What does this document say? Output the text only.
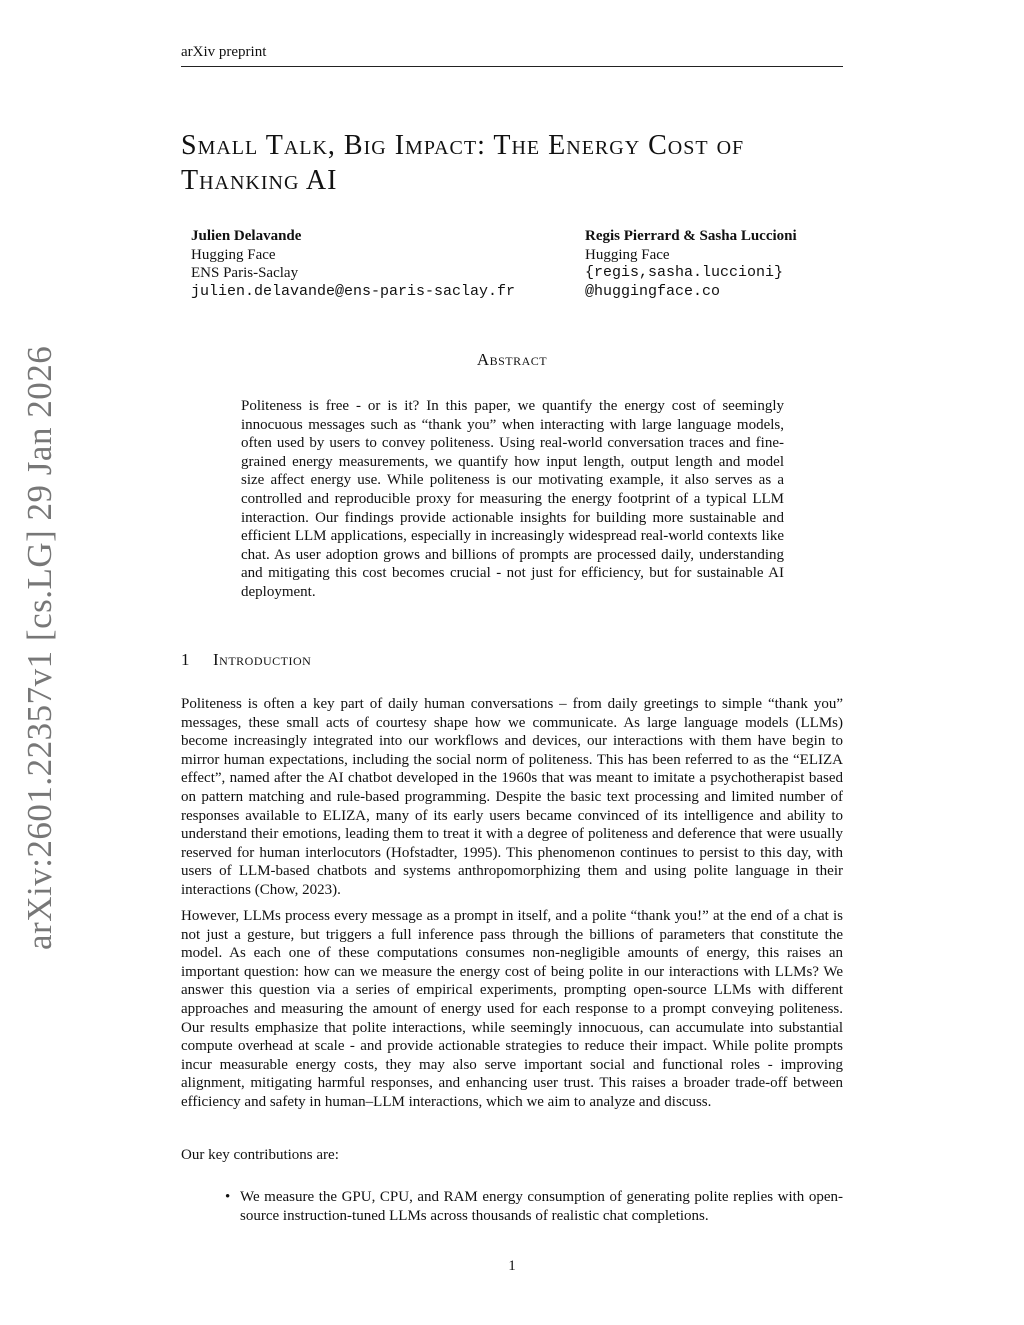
arXiv preprint
arXiv:2601.22357v1 [cs.LG] 29 Jan 2026
Small Talk, Big Impact: The Energy Cost of Thanking AI
Julien Delavande
Hugging Face
ENS Paris-Saclay
julien.delavande@ens-paris-saclay.fr
Regis Pierrard & Sasha Luccioni
Hugging Face
{regis,sasha.luccioni}
@huggingface.co
Abstract
Politeness is free - or is it? In this paper, we quantify the energy cost of seemingly innocuous messages such as “thank you” when interacting with large language models, often used by users to convey politeness. Using real-world conversation traces and fine-grained energy measurements, we quantify how input length, output length and model size affect energy use. While politeness is our motivating example, it also serves as a controlled and reproducible proxy for measuring the energy footprint of a typical LLM interaction. Our findings provide actionable insights for building more sustainable and efficient LLM applications, especially in increasingly widespread real-world contexts like chat. As user adoption grows and billions of prompts are processed daily, understanding and mitigating this cost becomes crucial - not just for efficiency, but for sustainable AI deployment.
1 Introduction

Politeness is often a key part of daily human conversations – from daily greetings to simple “thank you” messages, these small acts of courtesy shape how we communicate. As large language models (LLMs) become increasingly integrated into our workflows and devices, our interactions with them have begin to mirror human expectations, including the social norm of politeness. This has been referred to as the “ELIZA effect”, named after the AI chatbot developed in the 1960s that was meant to imitate a psychotherapist based on pattern matching and rule-based programming. Despite the basic text processing and limited number of responses available to ELIZA, many of its early users became convinced of its intelligence and ability to understand their emotions, leading them to treat it with a degree of politeness and deference that were usually reserved for human interlocutors (Hofstadter, 1995). This phenomenon continues to persist to this day, with users of LLM-based chatbots and systems anthropomorphizing them and using polite language in their interactions (Chow, 2023).

However, LLMs process every message as a prompt in itself, and a polite “thank you!” at the end of a chat is not just a gesture, but triggers a full inference pass through the billions of parameters that constitute the model. As each one of these computations consumes non-negligible amounts of energy, this raises an important question: how can we measure the energy cost of being polite in our interactions with LLMs? We answer this question via a series of empirical experiments, prompting open-source LLMs with different approaches and measuring the amount of energy used for each response to a prompt conveying politeness. Our results emphasize that polite interactions, while seemingly innocuous, can accumulate into substantial compute overhead at scale - and provide actionable strategies to reduce their impact. While polite prompts incur measurable energy costs, they may also serve important social and functional roles - improving alignment, mitigating harmful responses, and enhancing user trust. This raises a broader trade-off between efficiency and safety in human–LLM interactions, which we aim to analyze and discuss.

Our key contributions are:

• We measure the GPU, CPU, and RAM energy consumption of generating polite replies with open-source instruction-tuned LLMs across thousands of realistic chat completions.
1
